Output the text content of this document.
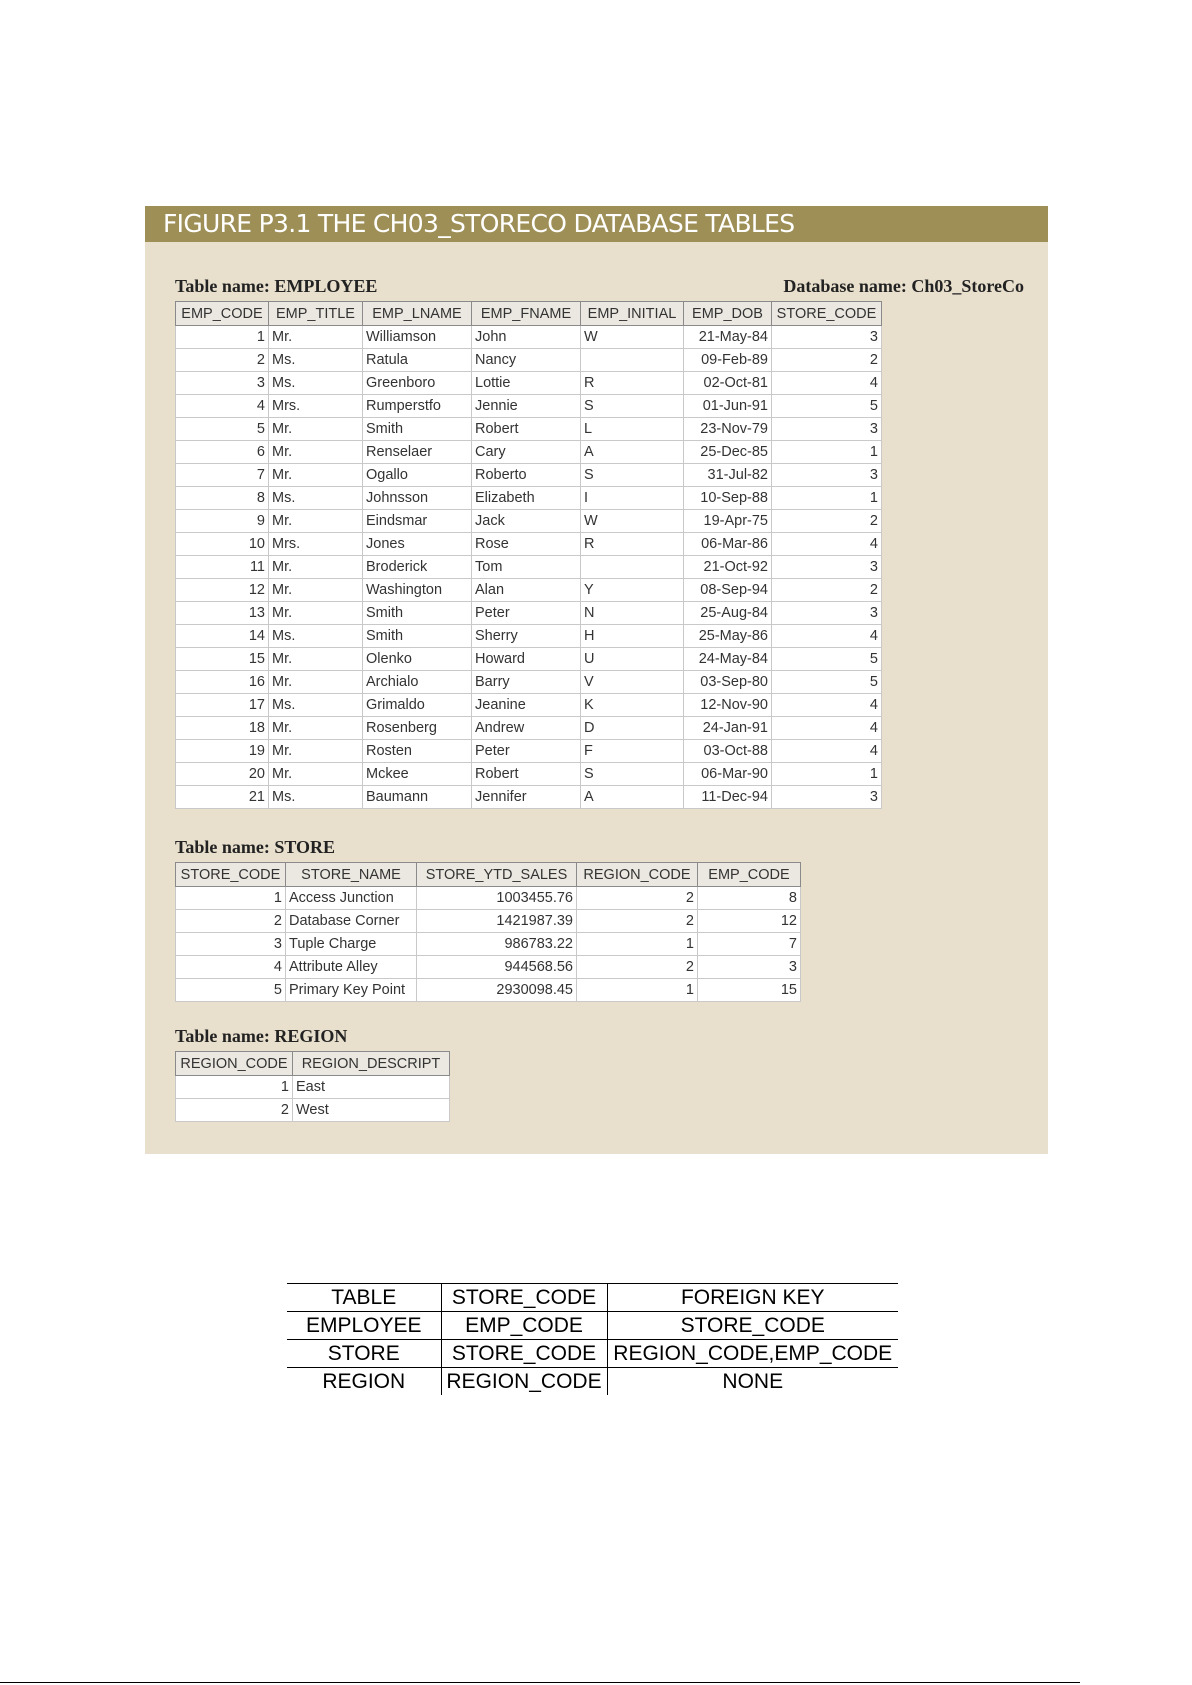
FIGURE P3.1 THE CH03_STORECO DATABASE TABLES
Table name: EMPLOYEE	Database name: Ch03_StoreCo
EMP_CODE	EMP_TITLE	EMP_LNAME	EMP_FNAME	EMP_INITIAL	EMP_DOB	STORE_CODE
1	Mr.	Williamson	John	W	21-May-84	3
2	Ms.	Ratula	Nancy		09-Feb-89	2
3	Ms.	Greenboro	Lottie	R	02-Oct-81	4
4	Mrs.	Rumperstfo	Jennie	S	01-Jun-91	5
5	Mr.	Smith	Robert	L	23-Nov-79	3
6	Mr.	Renselaer	Cary	A	25-Dec-85	1
7	Mr.	Ogallo	Roberto	S	31-Jul-82	3
8	Ms.	Johnsson	Elizabeth	I	10-Sep-88	1
9	Mr.	Eindsmar	Jack	W	19-Apr-75	2
10	Mrs.	Jones	Rose	R	06-Mar-86	4
11	Mr.	Broderick	Tom		21-Oct-92	3
12	Mr.	Washington	Alan	Y	08-Sep-94	2
13	Mr.	Smith	Peter	N	25-Aug-84	3
14	Ms.	Smith	Sherry	H	25-May-86	4
15	Mr.	Olenko	Howard	U	24-May-84	5
16	Mr.	Archialo	Barry	V	03-Sep-80	5
17	Ms.	Grimaldo	Jeanine	K	12-Nov-90	4
18	Mr.	Rosenberg	Andrew	D	24-Jan-91	4
19	Mr.	Rosten	Peter	F	03-Oct-88	4
20	Mr.	Mckee	Robert	S	06-Mar-90	1
21	Ms.	Baumann	Jennifer	A	11-Dec-94	3
Table name: STORE
STORE_CODE	STORE_NAME	STORE_YTD_SALES	REGION_CODE	EMP_CODE
1	Access Junction	1003455.76	2	8
2	Database Corner	1421987.39	2	12
3	Tuple Charge	986783.22	1	7
4	Attribute Alley	944568.56	2	3
5	Primary Key Point	2930098.45	1	15
Table name: REGION
REGION_CODE	REGION_DESCRIPT
1	East
2	West
TABLE	STORE_CODE	FOREIGN KEY
EMPLOYEE	EMP_CODE	STORE_CODE
STORE	STORE_CODE	REGION_CODE,EMP_CODE
REGION	REGION_CODE	NONE
